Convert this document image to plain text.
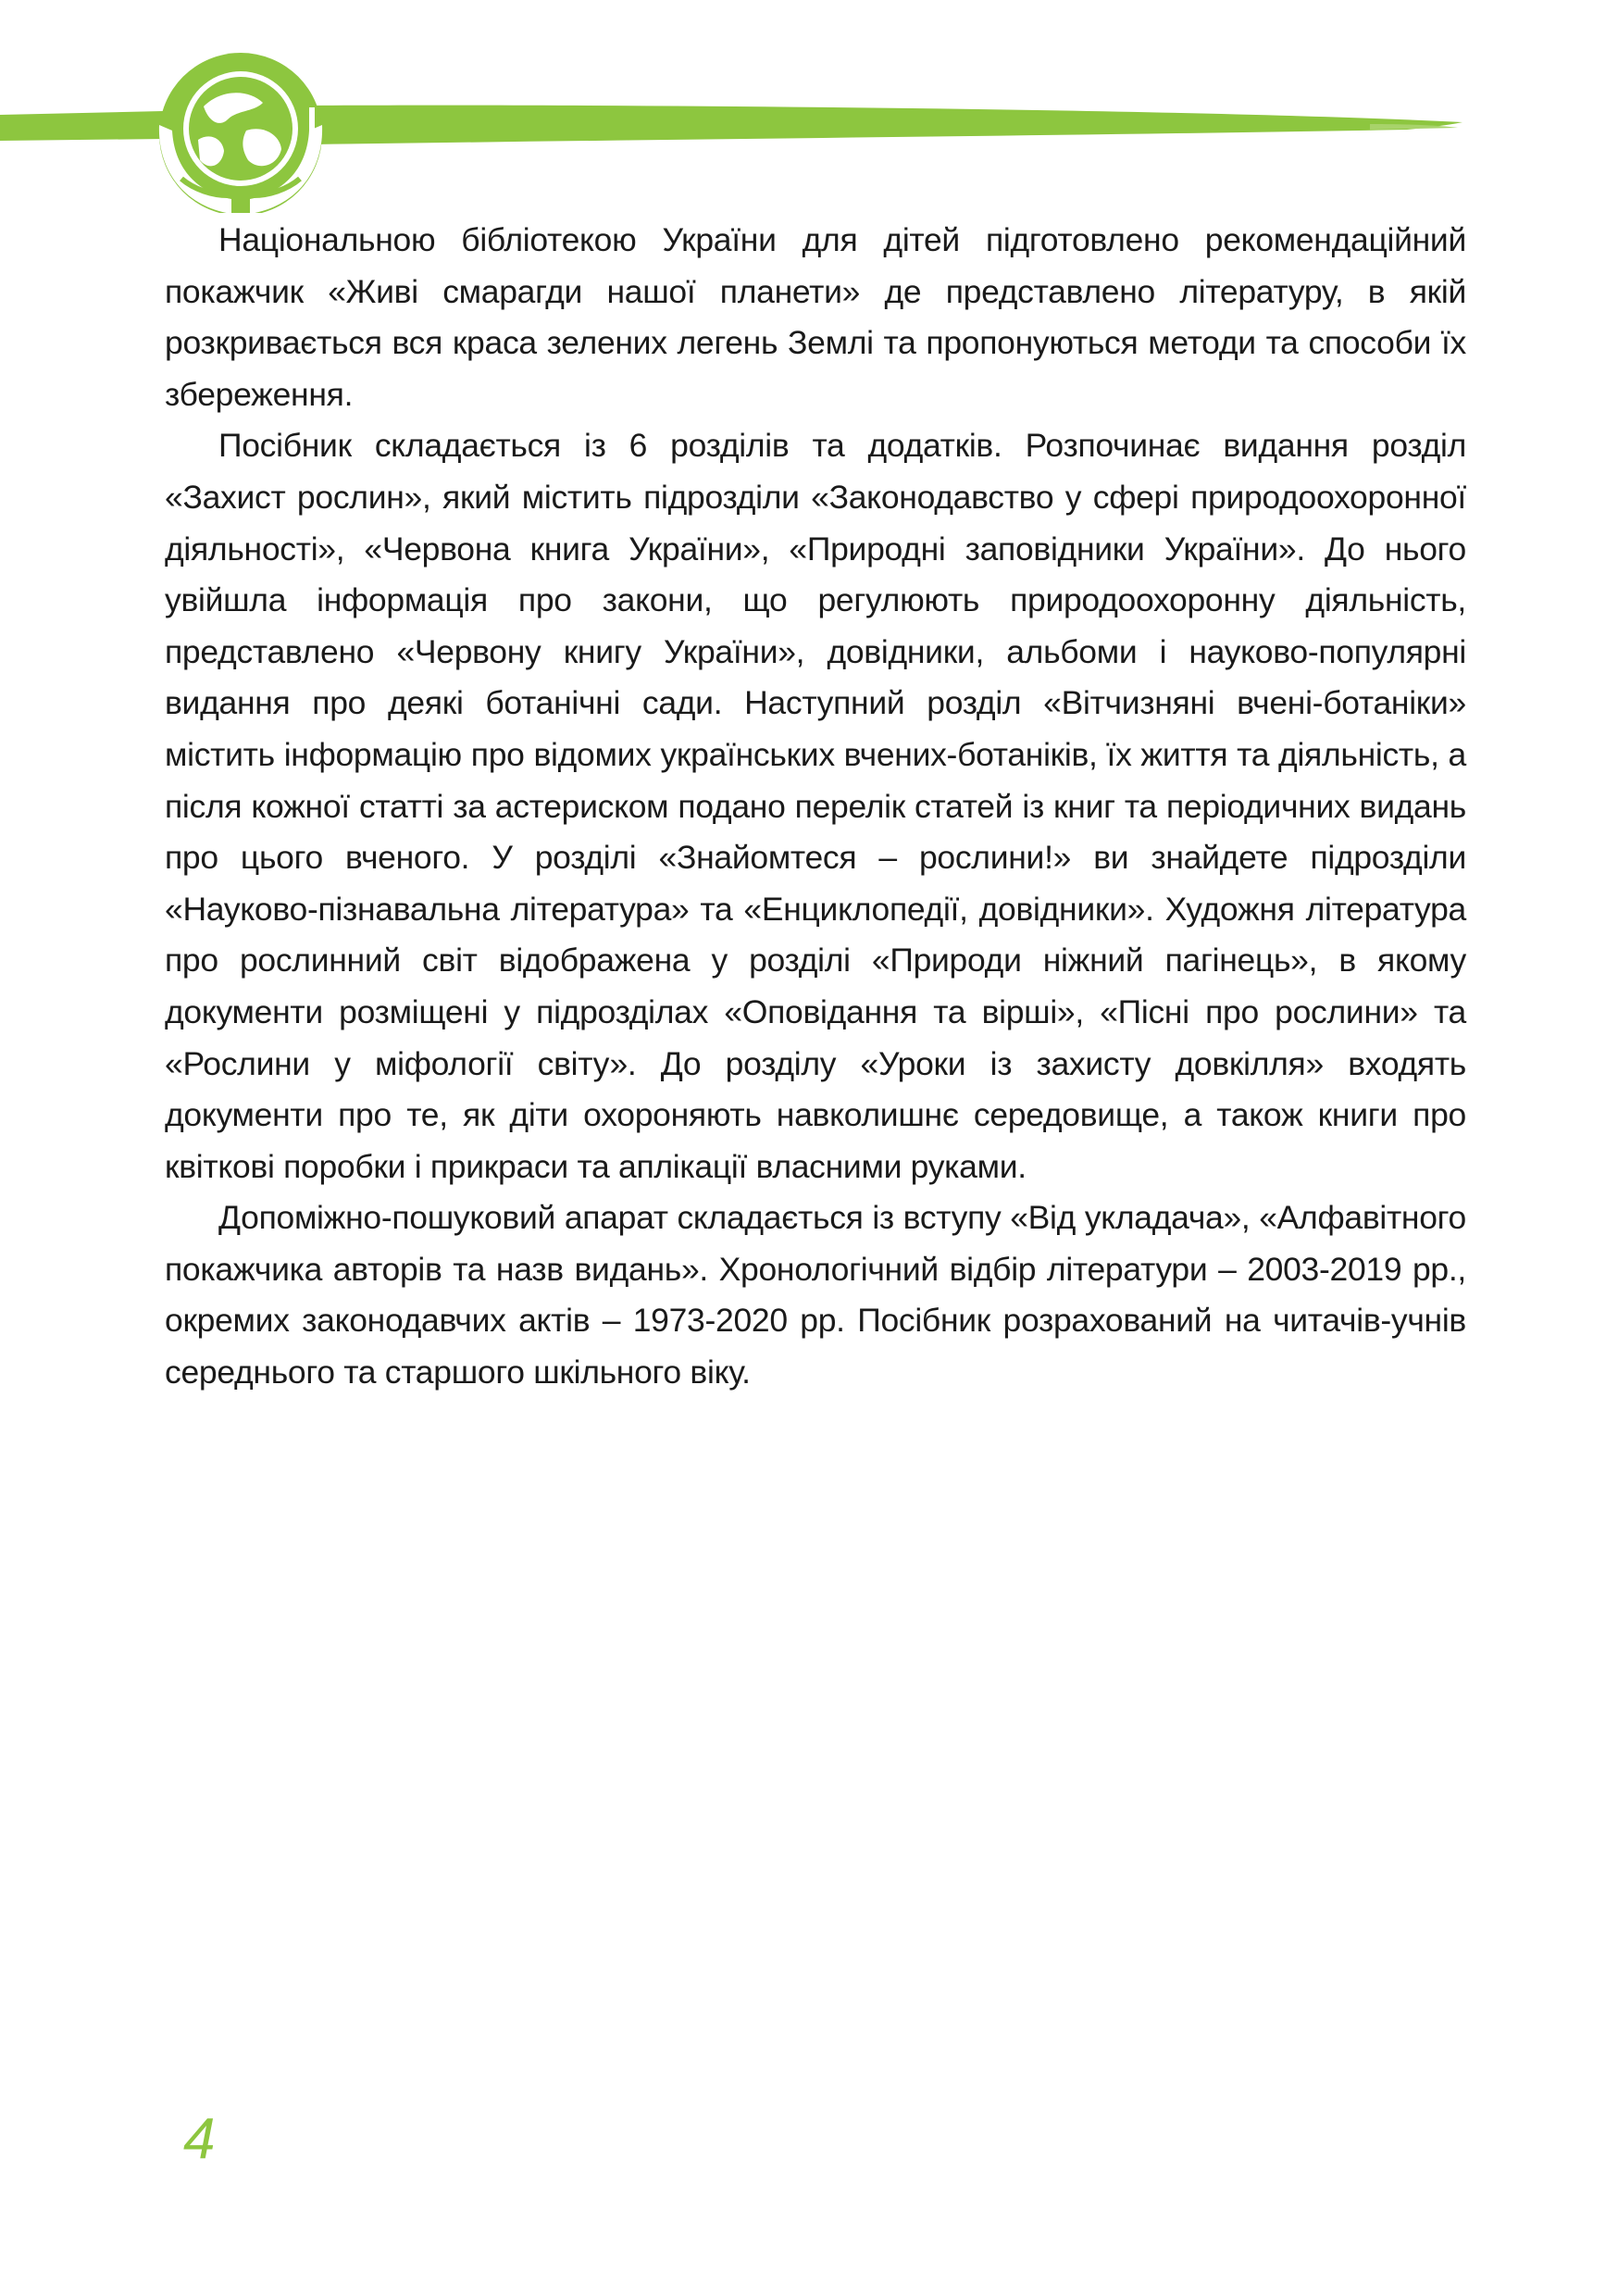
Національною бібліотекою України для дітей підготовлено рекомендаційний покажчик «Живі смарагди нашої планети» де представлено літературу, в якій розкривається вся краса зелених легень Землі та пропонуються методи та способи їх збереження.

Посібник складається із 6 розділів та додатків. Розпочинає видання розділ «Захист рослин», який містить підрозділи «Законодавство у сфері природоохоронної діяльності», «Червона книга України», «Природні заповідники України». До нього увійшла інформація про закони, що регулюють природоохоронну діяльність, представлено «Червону книгу України», довідники, альбоми і науково-популярні видання про деякі ботанічні сади. Наступний розділ «Вітчизняні вчені-ботаніки» містить інформацію про відомих українських вчених-ботаніків, їх життя та діяльність, а після кожної статті за астериском подано перелік статей із книг та періодичних видань про цього вченого. У розділі «Знайомтеся – рослини!» ви знайдете підрозділи «Науково-пізнавальна література» та «Енциклопедії, довідники». Художня література про рослинний світ відображена у розділі «Природи ніжний пагінець», в якому документи розміщені у підрозділах «Оповідання та вірші», «Пісні про рослини» та «Рослини у міфології світу». До розділу «Уроки із захисту довкілля» входять документи про те, як діти охороняють навколишнє середовище, а також книги про квіткові поробки і прикраси та аплікації власними руками.

Допоміжно-пошуковий апарат складається із вступу «Від укладача», «Алфавітного покажчика авторів та назв видань». Хронологічний відбір літератури – 2003-2019 рр., окремих законодавчих актів – 1973-2020 рр. Посібник розрахований на читачів-учнів середнього та старшого шкільного віку.

4
